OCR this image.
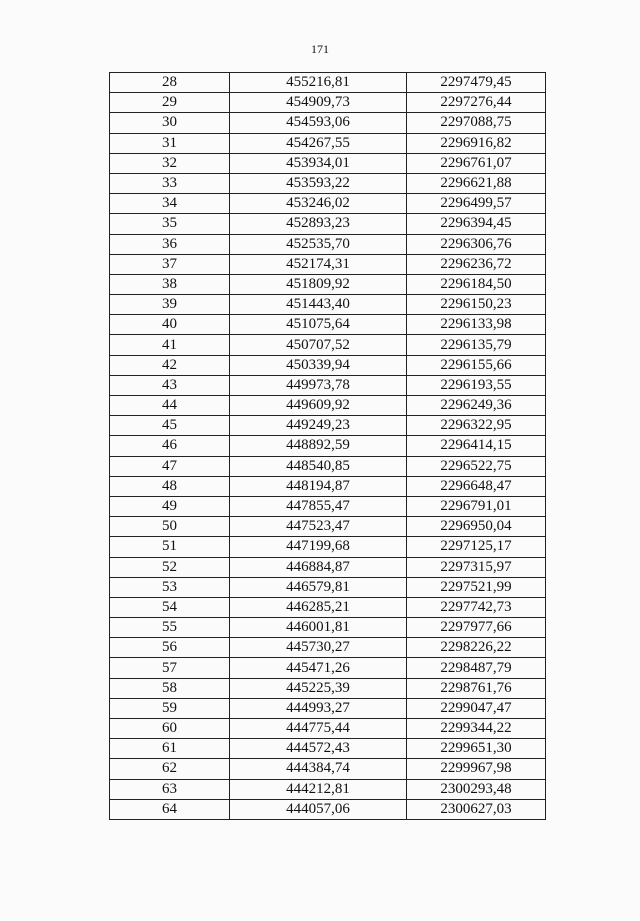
171
28	455216,81	2297479,45
29	454909,73	2297276,44
30	454593,06	2297088,75
31	454267,55	2296916,82
32	453934,01	2296761,07
33	453593,22	2296621,88
34	453246,02	2296499,57
35	452893,23	2296394,45
36	452535,70	2296306,76
37	452174,31	2296236,72
38	451809,92	2296184,50
39	451443,40	2296150,23
40	451075,64	2296133,98
41	450707,52	2296135,79
42	450339,94	2296155,66
43	449973,78	2296193,55
44	449609,92	2296249,36
45	449249,23	2296322,95
46	448892,59	2296414,15
47	448540,85	2296522,75
48	448194,87	2296648,47
49	447855,47	2296791,01
50	447523,47	2296950,04
51	447199,68	2297125,17
52	446884,87	2297315,97
53	446579,81	2297521,99
54	446285,21	2297742,73
55	446001,81	2297977,66
56	445730,27	2298226,22
57	445471,26	2298487,79
58	445225,39	2298761,76
59	444993,27	2299047,47
60	444775,44	2299344,22
61	444572,43	2299651,30
62	444384,74	2299967,98
63	444212,81	2300293,48
64	444057,06	2300627,03
